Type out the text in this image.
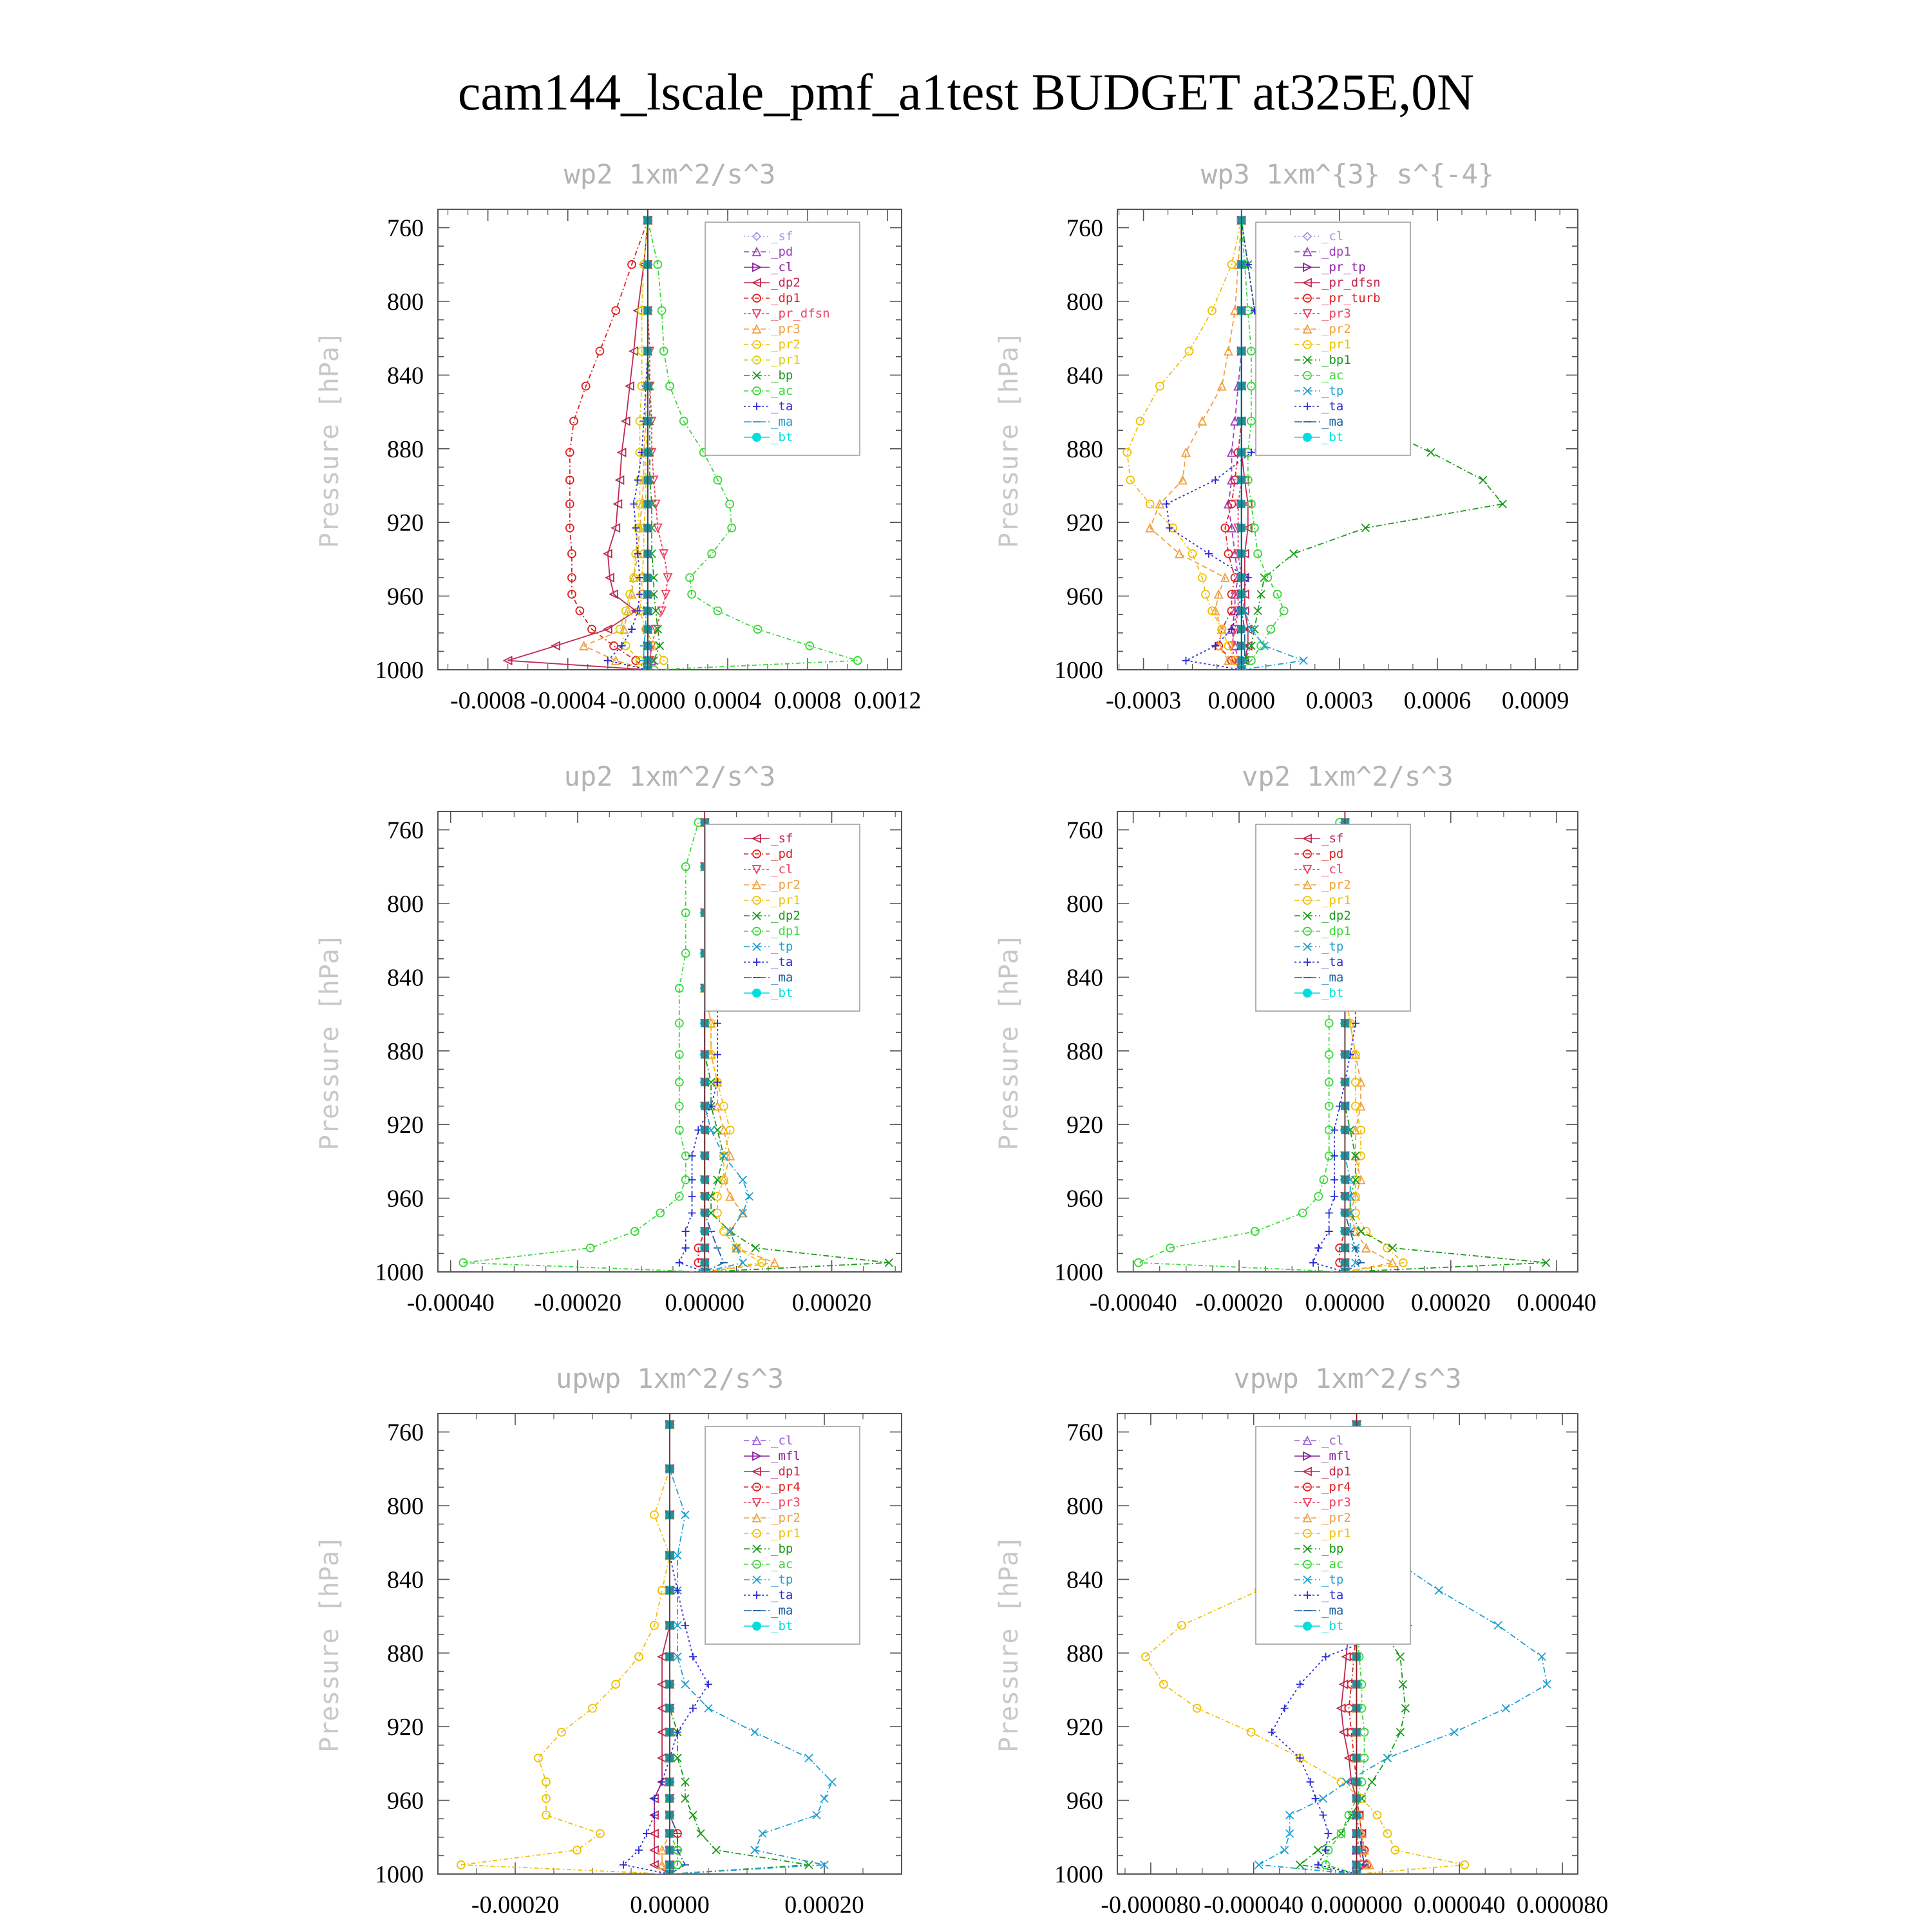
cam144_lscale_pmf_a1test BUDGET at325E,0N
wp2 1xm^2/s^3
Pressure [hPa]
760
800
840
880
920
960
1000
-0.0008 -0.0004 -0.0000 0.0004 0.0008 0.0012
_sf
_pd
_cl
_dp2
_dp1
_pr_dfsn
_pr3
_pr2
_pr1
_bp
_ac
_ta
_ma
_bt
wp3 1xm^{3} s^{-4}
Pressure [hPa]
760
800
840
880
920
960
1000
-0.0003 0.0000 0.0003 0.0006 0.0009
_cl
_dp1
_pr_tp
_pr_dfsn
_pr_turb
_pr3
_pr2
_pr1
_bp1
_ac
_tp
_ta
_ma
_bt
up2 1xm^2/s^3
Pressure [hPa]
760
800
840
880
920
960
1000
-0.00040 -0.00020 0.00000 0.00020
_sf
_pd
_cl
_pr2
_pr1
_dp2
_dp1
_tp
_ta
_ma
_bt
vp2 1xm^2/s^3
Pressure [hPa]
760
800
840
880
920
960
1000
-0.00040 -0.00020 0.00000 0.00020 0.00040
_sf
_pd
_cl
_pr2
_pr1
_dp2
_dp1
_tp
_ta
_ma
_bt
upwp 1xm^2/s^3
Pressure [hPa]
760
800
840
880
920
960
1000
-0.00020	0.00000	0.00020
_cl
_mfl
_dp1
_pr4
_pr3
_pr2
_pr1
_bp
_ac
_tp
_ta
_ma
_bt
vpwp 1xm^2/s^3
Pressure [hPa]
760
800
840
880
920
960
1000
-0.000080 -0.000040 0.000000 0.000040 0.000080
_cl
_mfl
_dp1
_pr4
_pr3
_pr2
_pr1
_bp
_ac
_tp
_ta
_ma
_bt
